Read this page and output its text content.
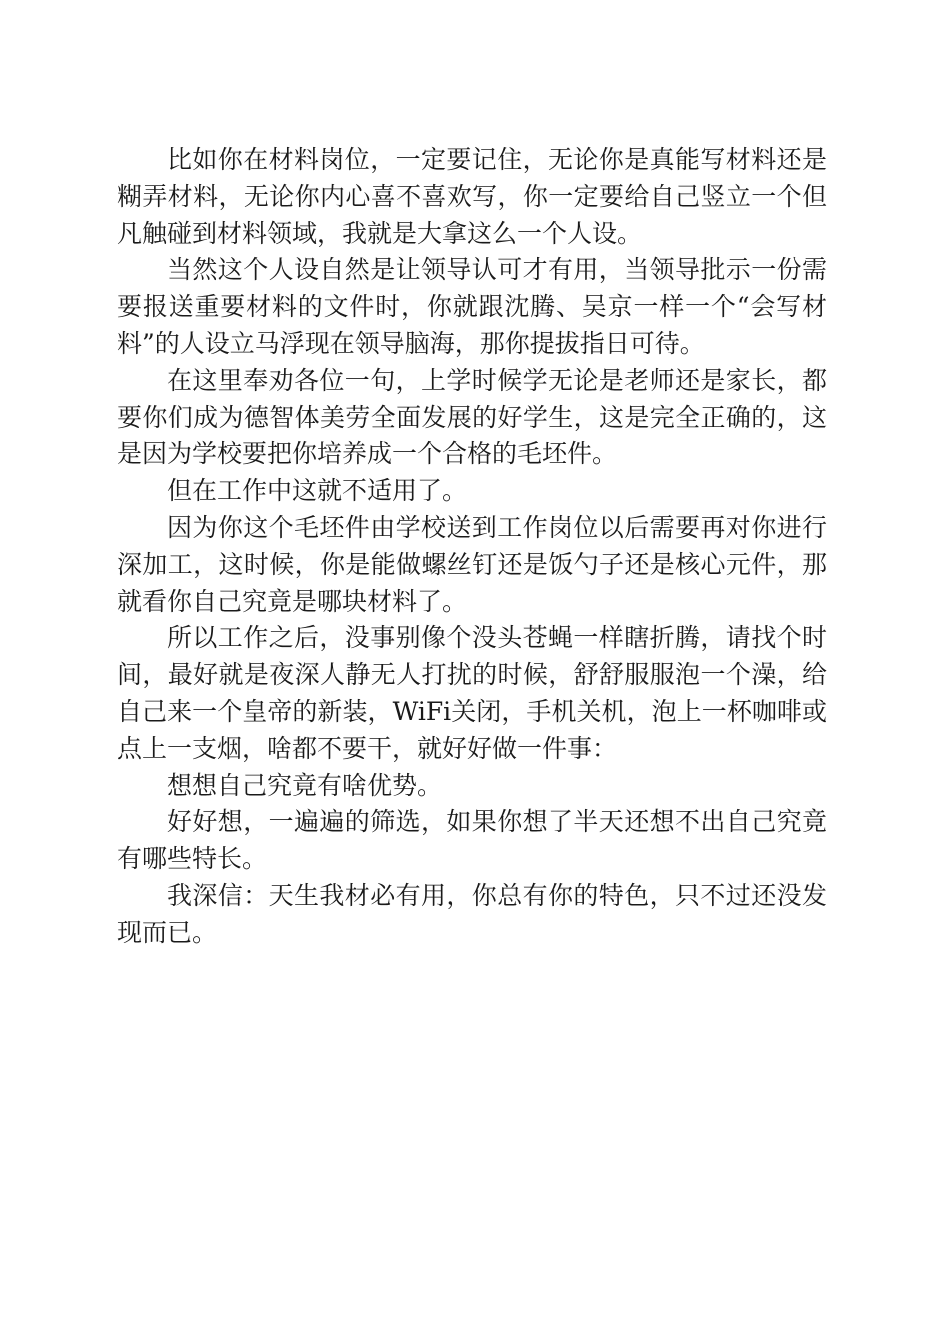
比如你在材料岗位，一定要记住，无论你是真能写材料还是糊弄材料，无论你内心喜不喜欢写，你一定要给自己竖立一个但凡触碰到材料领域，我就是大拿这么一个人设。

当然这个人设自然是让领导认可才有用，当领导批示一份需要报送重要材料的文件时，你就跟沈腾、吴京一样一个“会写材料”的人设立马浮现在领导脑海，那你提拔指日可待。

在这里奉劝各位一句，上学时候学无论是老师还是家长，都要你们成为德智体美劳全面发展的好学生，这是完全正确的，这是因为学校要把你培养成一个合格的毛坯件。

但在工作中这就不适用了。

因为你这个毛坯件由学校送到工作岗位以后需要再对你进行深加工，这时候，你是能做螺丝钉还是饭勺子还是核心元件，那就看你自己究竟是哪块材料了。

所以工作之后，没事别像个没头苍蝇一样瞎折腾，请找个时间，最好就是夜深人静无人打扰的时候，舒舒服服泡一个澡，给自己来一个皇帝的新装，WiFi关闭，手机关机，泡上一杯咖啡或点上一支烟，啥都不要干，就好好做一件事：

想想自己究竟有啥优势。

好好想，一遍遍的筛选，如果你想了半天还想不出自己究竟有哪些特长。

我深信：天生我材必有用，你总有你的特色，只不过还没发现而已。
